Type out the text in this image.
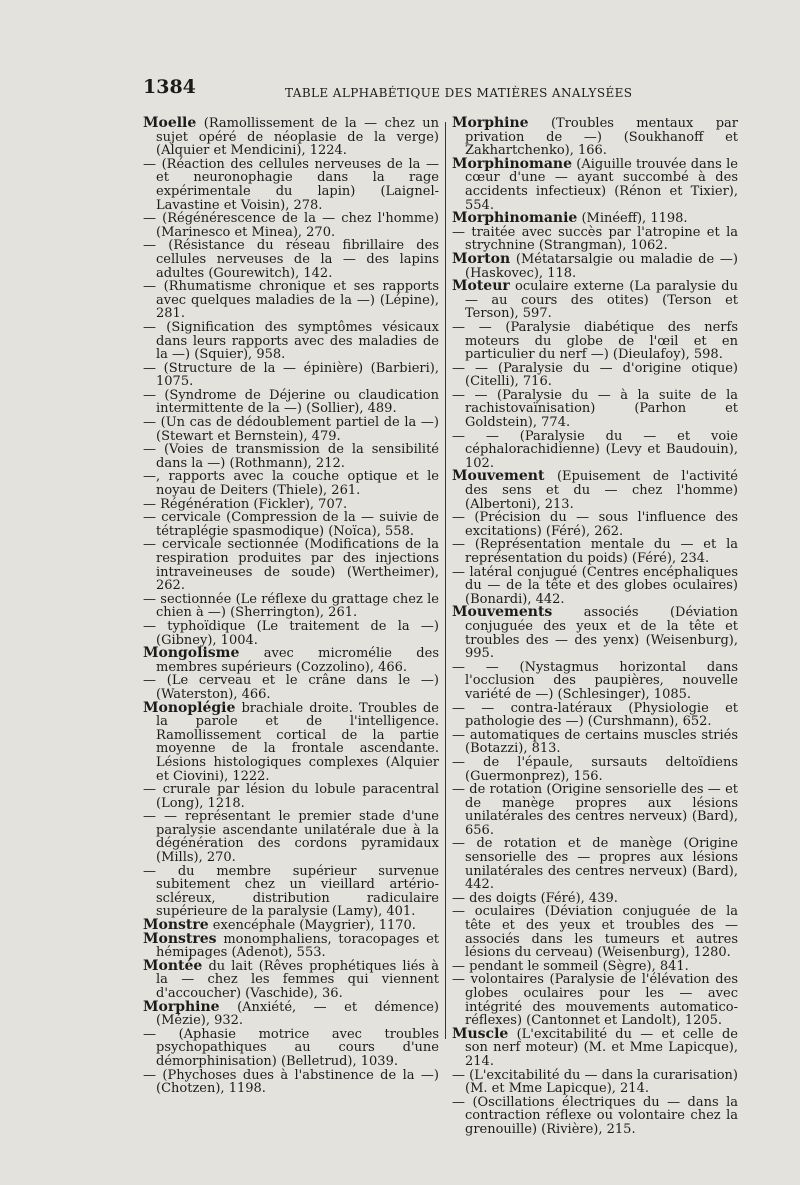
1384	TABLE ALPHABÉTIQUE DES MATIÈRES ANALYSÉES

Moelle (Ramollissement de la — chez un sujet opéré de néoplasie de la verge) (Alquier et Mendicini), 1224.

— (Réaction des cellules nerveuses de la — et neuronophagie dans la rage expérimentale du lapin) (Laignel-Lavastine et Voisin), 278.

— (Régénérescence de la — chez l'homme) (Marinesco et Minea), 270.

— (Résistance du réseau fibrillaire des cellules nerveuses de la — des lapins adultes (Gourewitch), 142.

— (Rhumatisme chronique et ses rapports avec quelques maladies de la —) (Lépine), 281.

— (Signification des symptômes vésicaux dans leurs rapports avec des maladies de la —) (Squier), 958.

— (Structure de la — épinière) (Barbieri), 1075.

— (Syndrome de Déjerine ou claudication intermittente de la —) (Sollier), 489.

— (Un cas de dédoublement partiel de la —) (Stewart et Bernstein), 479.

— (Voies de transmission de la sensibilité dans la —) (Rothmann), 212.

—, rapports avec la couche optique et le noyau de Deiters (Thiele), 261.

— Régénération (Fickler), 707.

— cervicale (Compression de la — suivie de tétraplégie spasmodique) (Noïca), 558.

— cervicale sectionnée (Modifications de la respiration produites par des injections intraveineuses de soude) (Wertheimer), 262.

— sectionnée (Le réflexe du grattage chez le chien à —) (Sherrington), 261.

— typhoïdique (Le traitement de la —) (Gibney), 1004.

Mongolisme avec micromélie des membres supérieurs (Cozzolino), 466.

— (Le cerveau et le crâne dans le —) (Waterston), 466.

Monoplégie brachiale droite. Troubles de la parole et de l'intelligence. Ramollissement cortical de la partie moyenne de la frontale ascendante. Lésions histologiques complexes (Alquier et Ciovini), 1222.

— crurale par lésion du lobule paracentral (Long), 1218.

— — représentant le premier stade d'une paralysie ascendante unilatérale due à la dégénération des cordons pyramidaux (Mills), 270.

— du membre supérieur survenue subitement chez un vieillard artério-scléreux, distribution radiculaire supérieure de la paralysie (Lamy), 401.

Monstre exencéphale (Maygrier), 1170.

Monstres monomphaliens, toracopages et hémipages (Adenot), 553.

Montée du lait (Rêves prophétiques liés à la — chez les femmes qui viennent d'accoucher) (Vaschide), 36.

Morphine (Anxiété, — et démence) (Mézie), 932.

— (Aphasie motrice avec troubles psychopathiques au cours d'une démorphinisation) (Belletrud), 1039.

— (Phychoses dues à l'abstinence de la —) (Chotzen), 1198.

Morphine (Troubles mentaux par privation de —) (Soukhanoff et Zakhartchenko), 166.

Morphinomane (Aiguille trouvée dans le cœur d'une — ayant succombé à des accidents infectieux) (Rénon et Tixier), 554.

Morphinomanie (Minéeff), 1198.

— traitée avec succès par l'atropine et la strychnine (Strangman), 1062.

Morton (Métatarsalgie ou maladie de —) (Haskovec), 118.

Moteur oculaire externe (La paralysie du — au cours des otites) (Terson et Terson), 597.

— — (Paralysie diabétique des nerfs moteurs du globe de l'œil et en particulier du nerf —) (Dieulafoy), 598.

— — (Paralysie du — d'origine otique) (Citelli), 716.

— — (Paralysie du — à la suite de la rachistovaïnisation) (Parhon et Goldstein), 774.

— — (Paralysie du — et voie céphalorachidienne) (Levy et Baudouin), 102.

Mouvement (Epuisement de l'activité des sens et du — chez l'homme) (Albertoni), 213.

— (Précision du — sous l'influence des excitations) (Féré), 262.

— (Représentation mentale du — et la représentation du poids) (Féré), 234.

— latéral conjugué (Centres encéphaliques du — de la tête et des globes oculaires) (Bonardi), 442.

Mouvements associés (Déviation conjuguée des yeux et de la tête et troubles des — des yenx) (Weisenburg), 995.

— — (Nystagmus horizontal dans l'occlusion des paupières, nouvelle variété de —) (Schlesinger), 1085.

— — contra-latéraux (Physiologie et pathologie des —) (Curshmann), 652.

— automatiques de certains muscles striés (Botazzi), 813.

— de l'épaule, sursauts deltoïdiens (Guermonprez), 156.

— de rotation (Origine sensorielle des — et de manège propres aux lésions unilatérales des centres nerveux) (Bard), 656.

— de rotation et de manège (Origine sensorielle des — propres aux lésions unilatérales des centres nerveux) (Bard), 442.

— des doigts (Féré), 439.

— oculaires (Déviation conjuguée de la tête et des yeux et troubles des — associés dans les tumeurs et autres lésions du cerveau) (Weisenburg), 1280.

— pendant le sommeil (Sègre), 841.

— volontaires (Paralysie de l'élévation des globes oculaires pour les — avec intégrité des mouvements automatico-réflexes) (Cantonnet et Landolt), 1205.

Muscle (L'excitabilité du — et celle de son nerf moteur) (M. et Mme Lapicque), 214.

— (L'excitabilité du — dans la curarisation) (M. et Mme Lapicque), 214.

— (Oscillations électriques du — dans la contraction réflexe ou volontaire chez la grenouille) (Rivière), 215.
